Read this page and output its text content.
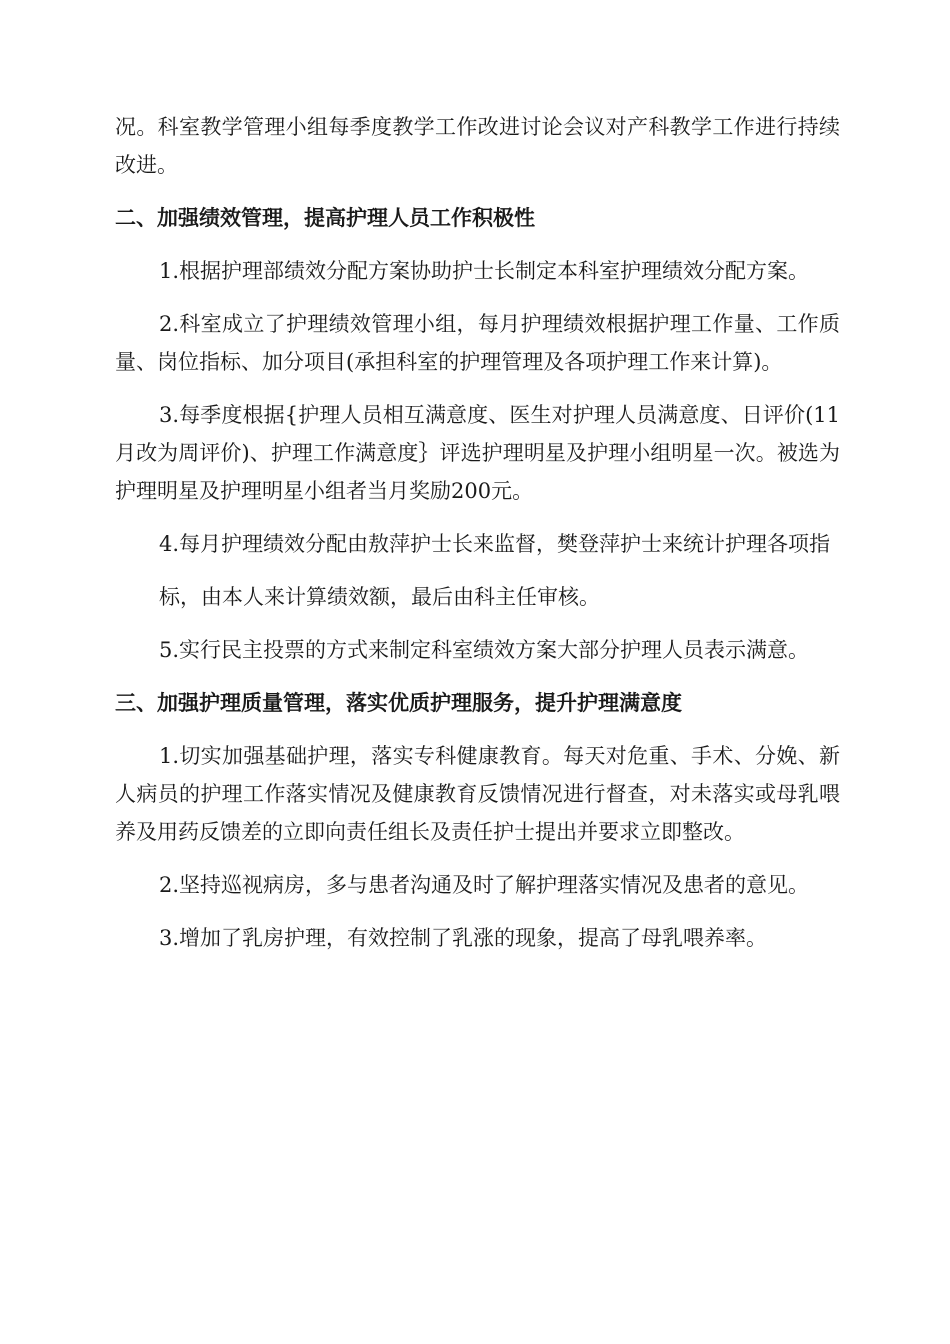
况。科室教学管理小组每季度教学工作改进讨论会议对产科教学工作进行持续改进。

二、加强绩效管理，提高护理人员工作积极性

1.根据护理部绩效分配方案协助护士长制定本科室护理绩效分配方案。

2.科室成立了护理绩效管理小组，每月护理绩效根据护理工作量、工作质量、岗位指标、加分项目(承担科室的护理管理及各项护理工作来计算)。

3.每季度根据{护理人员相互满意度、医生对护理人员满意度、日评价(11月改为周评价)、护理工作满意度｝评选护理明星及护理小组明星一次。被选为护理明星及护理明星小组者当月奖励200元。

4.每月护理绩效分配由敖萍护士长来监督，樊登萍护士来统计护理各项指

标，由本人来计算绩效额，最后由科主任审核。

5.实行民主投票的方式来制定科室绩效方案大部分护理人员表示满意。

三、加强护理质量管理，落实优质护理服务，提升护理满意度

1.切实加强基础护理，落实专科健康教育。每天对危重、手术、分娩、新人病员的护理工作落实情况及健康教育反馈情况进行督查，对未落实或母乳喂养及用药反馈差的立即向责任组长及责任护士提出并要求立即整改。

2.坚持巡视病房，多与患者沟通及时了解护理落实情况及患者的意见。

3.增加了乳房护理，有效控制了乳涨的现象，提高了母乳喂养率。
